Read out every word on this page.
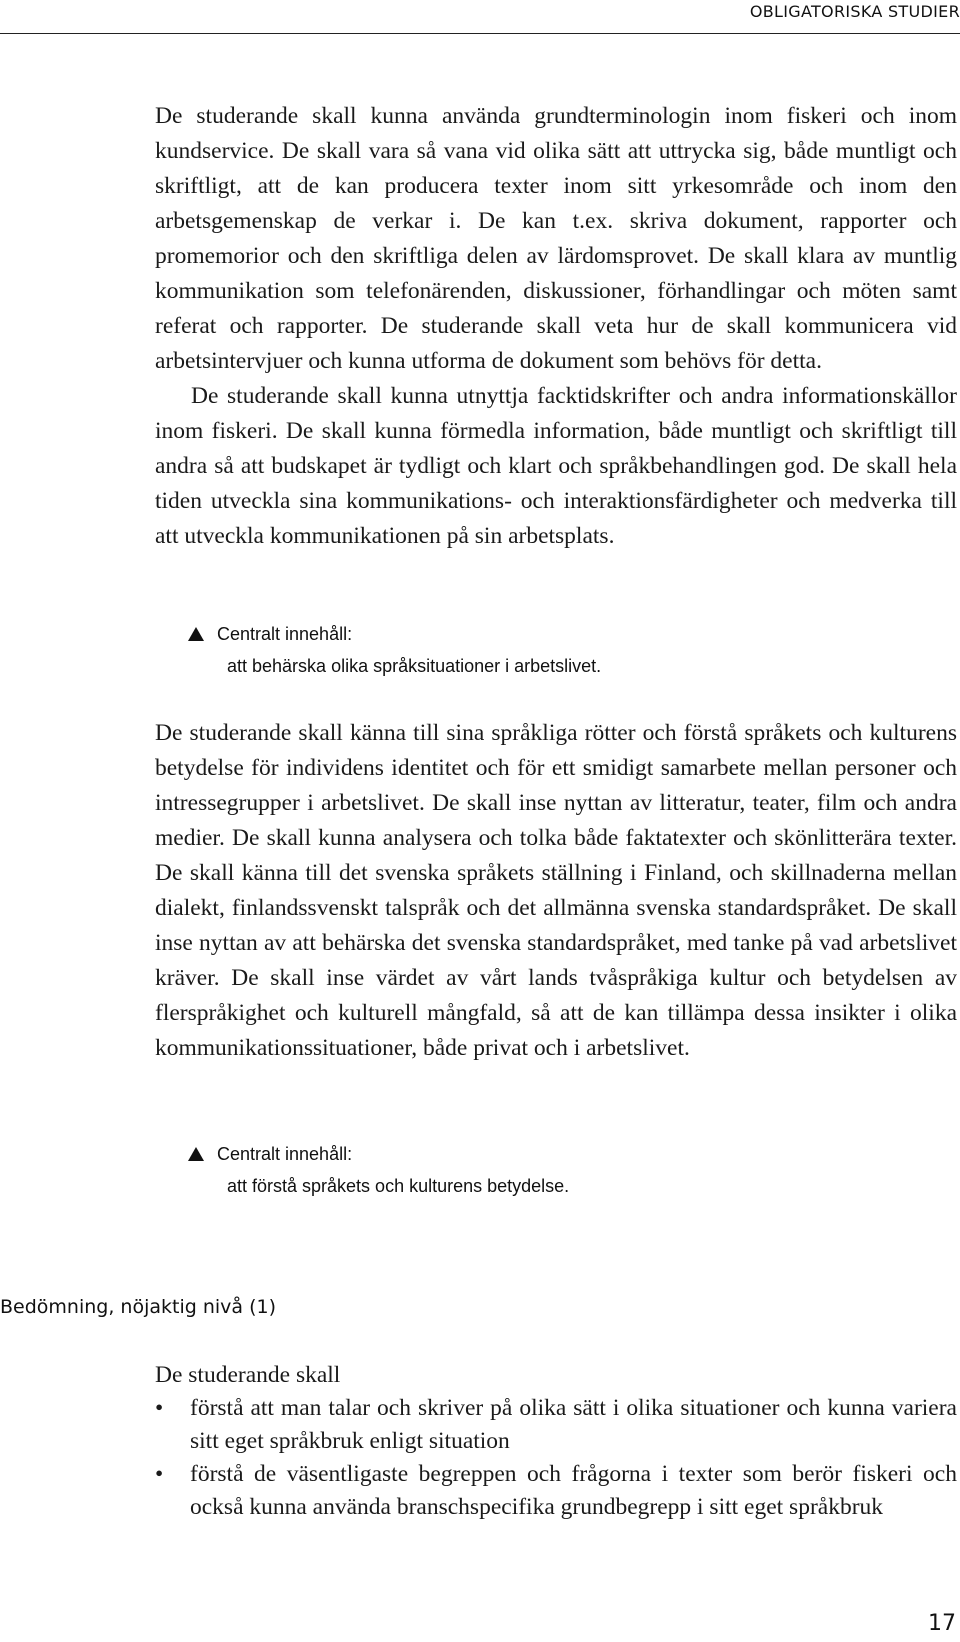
OBLIGATORISKA STUDIER

De studerande skall kunna använda grundterminologin inom fiskeri och inom kundservice. De skall vara så vana vid olika sätt att uttrycka sig, både muntligt och skriftligt, att de kan producera texter inom sitt yrkesområde och inom den arbetsgemenskap de verkar i. De kan t.ex. skriva dokument, rapporter och promemorior och den skriftliga delen av lärdomsprovet. De skall klara av muntlig kommunikation som telefonärenden, diskussioner, förhandlingar och möten samt referat och rapporter. De studerande skall veta hur de skall kommunicera vid arbetsintervjuer och kunna utforma de dokument som behövs för detta.

De studerande skall kunna utnyttja facktidskrifter och andra informationskällor inom fiskeri. De skall kunna förmedla information, både muntligt och skriftligt till andra så att budskapet är tydligt och klart och språkbehandlingen god. De skall hela tiden utveckla sina kommunikations- och interaktionsfärdigheter och medverka till att utveckla kommunikationen på sin arbetsplats.

Centralt innehåll:
att behärska olika språksituationer i arbetslivet.

De studerande skall känna till sina språkliga rötter och förstå språkets och kulturens betydelse för individens identitet och för ett smidigt samarbete mellan personer och intressegrupper i arbetslivet. De skall inse nyttan av litteratur, teater, film och andra medier. De skall kunna analysera och tolka både faktatexter och skönlitterära texter. De skall känna till det svenska språkets ställning i Finland, och skillnaderna mellan dialekt, finlandssvenskt talspråk och det allmänna svenska standardspråket. De skall inse nyttan av att behärska det svenska standardspråket, med tanke på vad arbetslivet kräver. De skall inse värdet av vårt lands tvåspråkiga kultur och betydelsen av flerspråkighet och kulturell mångfald, så att de kan tillämpa dessa insikter i olika kommunikationssituationer, både privat och i arbetslivet.

Centralt innehåll:
att förstå språkets och kulturens betydelse.
Bedömning, nöjaktig nivå (1)
De studerande skall
• förstå att man talar och skriver på olika sätt i olika situationer och kunna variera sitt eget språkbruk enligt situation
• förstå de väsentligaste begreppen och frågorna i texter som berör fiskeri och också kunna använda branschspecifika grundbegrepp i sitt eget språkbruk
17
